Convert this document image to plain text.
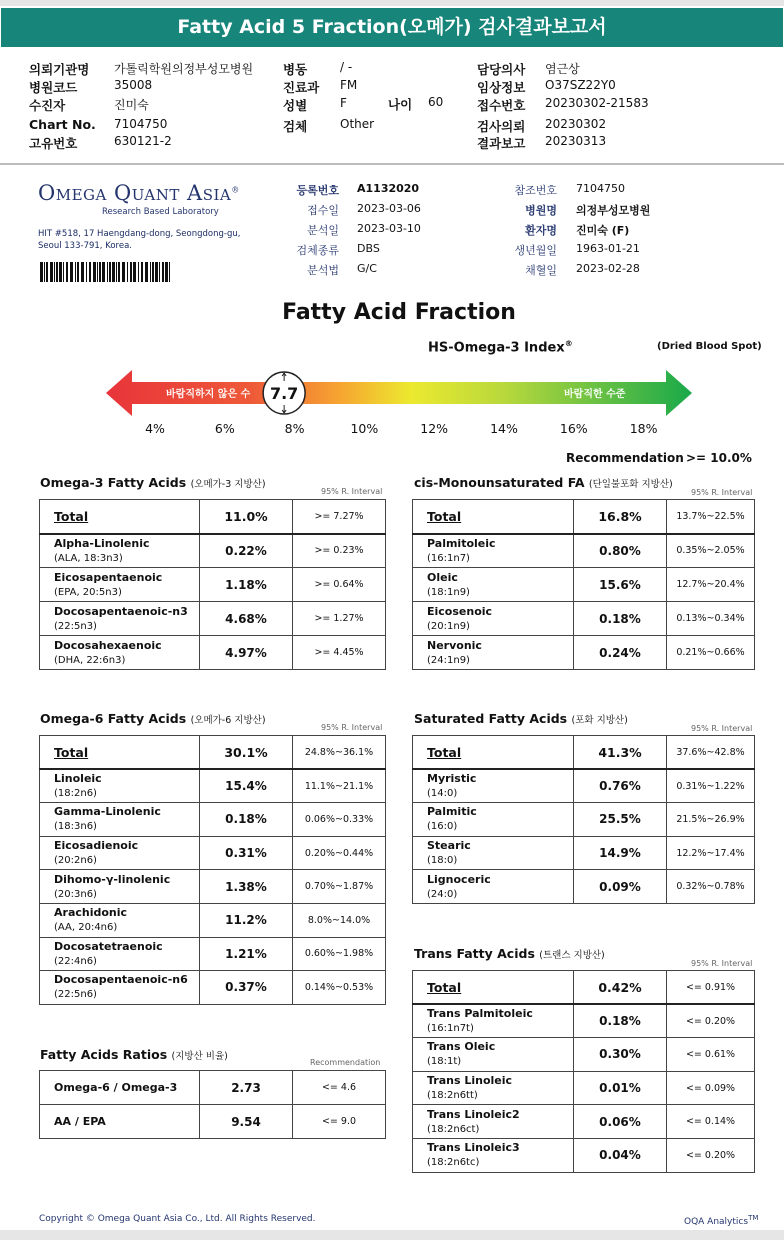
Fatty Acid 5 Fraction(오메가) 검사결과보고서
나이 60
Omega Quant Asia®
Research Based Laboratory
HIT #518, 17 Haengdang-dong, Seongdong-gu,
Seoul 133-791, Korea.
Fatty Acid Fraction
HS-Omega-3 Index®	(Dried Blood Spot)
바람직하지 않은 수	바람직한 수준
7.7
Recommendation >= 10.0%
Omega-3 Fatty Acids (오메가-3 지방산)
95% R. Interval
cis-Monounsaturated FA (단일불포화 지방산)
95% R. Interval
Omega-6 Fatty Acids (오메가-6 지방산)
95% R. Interval
Saturated Fatty Acids (포화 지방산)
95% R. Interval
Trans Fatty Acids (트랜스 지방산)
95% R. Interval
Fatty Acids Ratios (지방산 비율)
Recommendation
Total	11.0%	>= 7.27%
Alpha-Linolenic
(ALA, 18:3n3)	0.22%	>= 0.23%
Eicosapentaenoic
(EPA, 20:5n3)	1.18%	>= 0.64%
Docosapentaenoic-n3
(22:5n3)	4.68%	>= 1.27%
Docosahexaenoic
(DHA, 22:6n3)	4.97%	>= 4.45%
Total	16.8%	13.7%~22.5%
Palmitoleic
(16:1n7)	0.80%	0.35%~2.05%
Oleic
(18:1n9)	15.6%	12.7%~20.4%
Eicosenoic
(20:1n9)	0.18%	0.13%~0.34%
Nervonic
(24:1n9)	0.24%	0.21%~0.66%
Total	30.1%	24.8%~36.1%
Linoleic
(18:2n6)	15.4%	11.1%~21.1%
Gamma-Linolenic
(18:3n6)	0.18%	0.06%~0.33%
Eicosadienoic
(20:2n6)	0.31%	0.20%~0.44%
Dihomo-γ-linolenic
(20:3n6)	1.38%	0.70%~1.87%
Arachidonic
(AA, 20:4n6)	11.2%	8.0%~14.0%
Docosatetraenoic
(22:4n6)	1.21%	0.60%~1.98%
Docosapentaenoic-n6
(22:5n6)	0.37%	0.14%~0.53%
Total	41.3%	37.6%~42.8%
Myristic
(14:0)	0.76%	0.31%~1.22%
Palmitic
(16:0)	25.5%	21.5%~26.9%
Stearic
(18:0)	14.9%	12.2%~17.4%
Lignoceric
(24:0)	0.09%	0.32%~0.78%
Total	0.42%	<= 0.91%
Trans Palmitoleic
(16:1n7t)	0.18%	<= 0.20%
Trans Oleic
(18:1t)	0.30%	<= 0.61%
Trans Linoleic
(18:2n6tt)	0.01%	<= 0.09%
Trans Linoleic2
(18:2n6ct)	0.06%	<= 0.14%
Trans Linoleic3
(18:2n6tc)	0.04%	<= 0.20%
Omega-6 / Omega-3	2.73	<= 4.6
AA / EPA	9.54	<= 9.0
Copyright © Omega Quant Asia Co., Ltd. All Rights Reserved.	OQA Analytics™
의뢰기관명 가톨릭학원의정부성모병원
병원코드	35008
수진자	진미숙
Chart No. 7104750
고유번호	630121-2
병동	/ -
진료과 FM
성별	F
검체	Other
담당의사 염근상
임상정보 O37SZ22Y0
접수번호 20230302-21583
검사의뢰 20230302
결과보고 20230313
등록번호 A1132020
접수일 2023-03-06
분석일 2023-03-10
검체종류 DBS
분석법 G/C
참조번호 7104750
병원명 의정부성모병원
환자명 진미숙 (F)
생년월일 1963-01-21
채혈일 2023-02-28
4%	6%	8%	10%	12%	14%	16%	18%
